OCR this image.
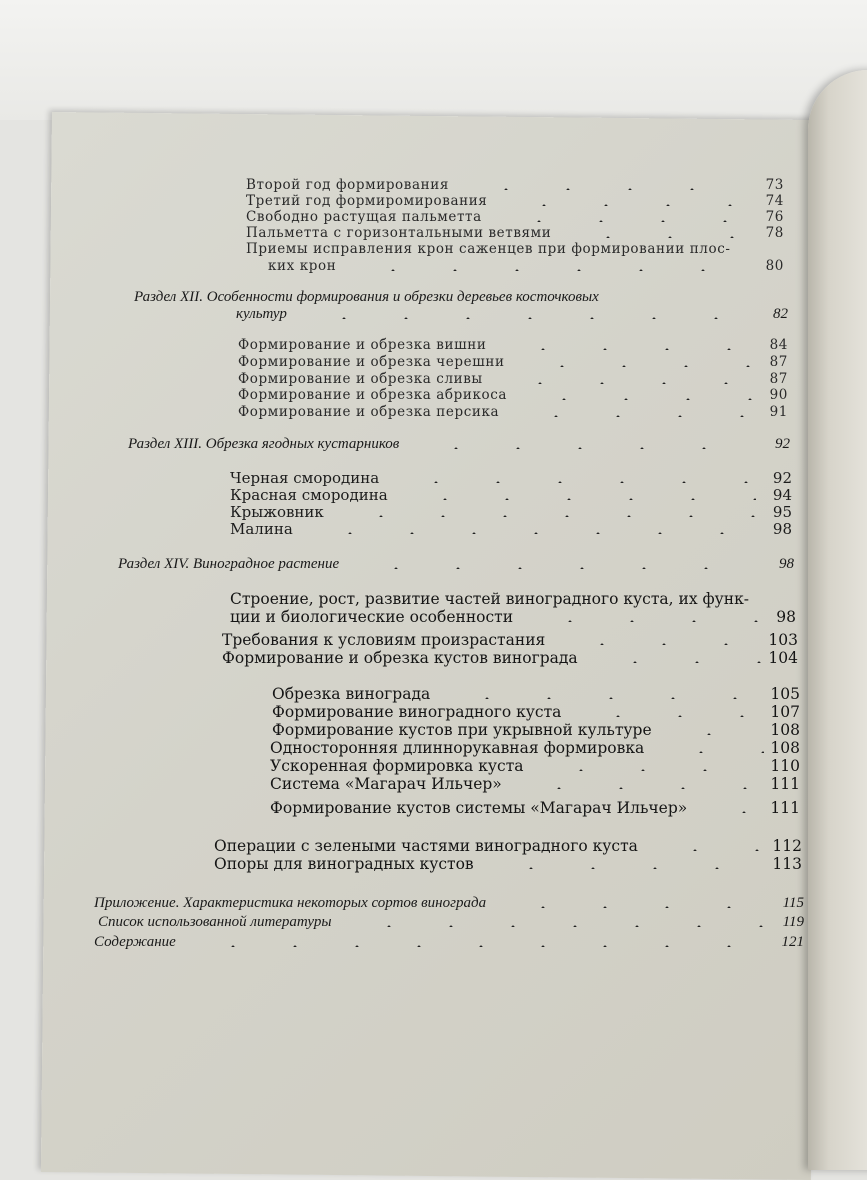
Второй год формирования	73
Третий год формиромирования	74
Свободно растущая пальметта	76
Пальметта с горизонтальными ветвями	78
Приемы исправления крон саженцев при формировании плос-
ких крон	80
Раздел XII. Особенности формирования и обрезки деревьев косточковых
культур	82
Формирование и обрезка вишни	84
Формирование и обрезка черешни	87
Формирование и обрезка сливы	87
Формирование и обрезка абрикоса	90
Формирование и обрезка персика	91
Раздел XIII. Обрезка ягодных кустарников	92
Черная смородина	92
Красная смородина	94
Крыжовник	95
Малина	98
Раздел XIV. Виноградное растение	98
Строение, рост, развитие частей виноградного куста, их функ-
ции и биологические особенности	98
Требования к условиям произрастания	103
Формирование и обрезка кустов винограда	104
Обрезка винограда	105
Формирование виноградного куста	107
Формирование кустов при укрывной культуре	108
Односторонняя длиннорукавная формировка	108
Ускоренная формировка куста	110
Система «Магарач Ильчер»	111
Формирование кустов системы «Магарач Ильчер»	111
Операции с зелеными частями виноградного куста	112
Опоры для виноградных кустов	113
Приложение. Характеристика некоторых сортов винограда	115
Список использованной литературы	119
Содержание	121
